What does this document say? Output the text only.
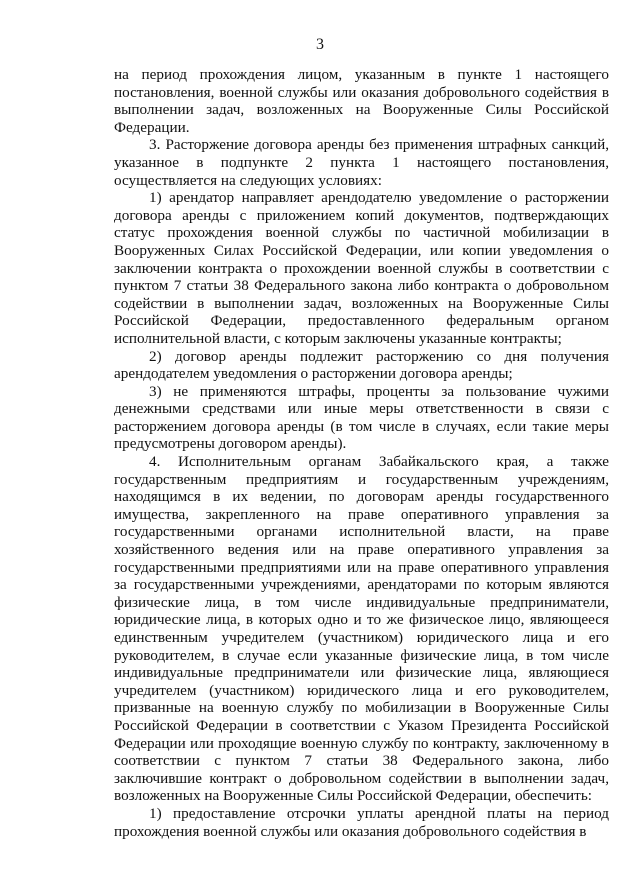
3

на период прохождения лицом, указанным в пункте 1 настоящего постановления, военной службы или оказания добровольного содействия в выполнении задач, возложенных на Вооруженные Силы Российской Федерации.

3. Расторжение договора аренды без применения штрафных санкций, указанное в подпункте 2 пункта 1 настоящего постановления, осуществляется на следующих условиях:

1) арендатор направляет арендодателю уведомление о расторжении договора аренды с приложением копий документов, подтверждающих статус прохождения военной службы по частичной мобилизации в Вооруженных Силах Российской Федерации, или копии уведомления о заключении контракта о прохождении военной службы в соответствии с пунктом 7 статьи 38 Федерального закона либо контракта о добровольном содействии в выполнении задач, возложенных на Вооруженные Силы Российской Федерации, предоставленного федеральным органом исполнительной власти, с которым заключены указанные контракты;

2) договор аренды подлежит расторжению со дня получения арендодателем уведомления о расторжении договора аренды;

3) не применяются штрафы, проценты за пользование чужими денежными средствами или иные меры ответственности в связи с расторжением договора аренды (в том числе в случаях, если такие меры предусмотрены договором аренды).

4. Исполнительным органам Забайкальского края, а также государственным предприятиям и государственным учреждениям, находящимся в их ведении, по договорам аренды государственного имущества, закрепленного на праве оперативного управления за государственными органами исполнительной власти, на праве хозяйственного ведения или на праве оперативного управления за государственными предприятиями или на праве оперативного управления за государственными учреждениями, арендаторами по которым являются физические лица, в том числе индивидуальные предприниматели, юридические лица, в которых одно и то же физическое лицо, являющееся единственным учредителем (участником) юридического лица и его руководителем, в случае если указанные физические лица, в том числе индивидуальные предприниматели или физические лица, являющиеся учредителем (участником) юридического лица и его руководителем, призванные на военную службу по мобилизации в Вооруженные Силы Российской Федерации в соответствии с Указом Президента Российской Федерации или проходящие военную службу по контракту, заключенному в соответствии с пунктом 7 статьи 38 Федерального закона, либо заключившие контракт о добровольном содействии в выполнении задач, возложенных на Вооруженные Силы Российской Федерации, обеспечить:

1) предоставление отсрочки уплаты арендной платы на период прохождения военной службы или оказания добровольного содействия в
